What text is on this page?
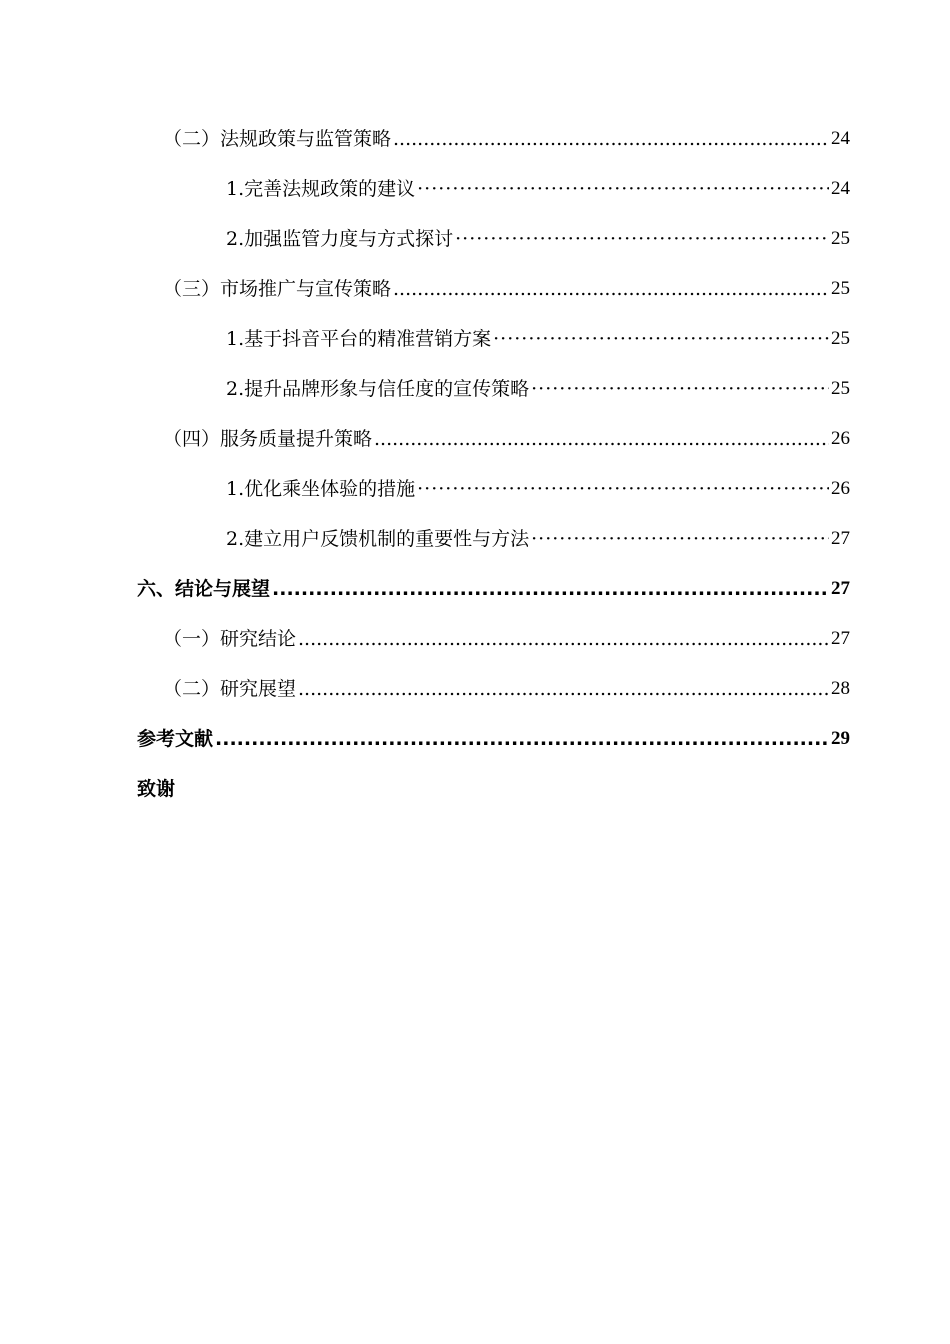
（二）法规政策与监管策略 .....	24
1.完善法规政策的建议 ·····	24
2.加强监管力度与方式探讨 ·····	25
（三）市场推广与宣传策略 .....	25
1.基于抖音平台的精准营销方案 ·····	25
2.提升品牌形象与信任度的宣传策略 ·····	25
（四）服务质量提升策略 .....	26
1.优化乘坐体验的措施 ·····	26
2.建立用户反馈机制的重要性与方法 ·····	27
六、结论与展望 .....	27
（一）研究结论 .....	27
（二）研究展望 .....	28
参考文献 .....	29
致谢
